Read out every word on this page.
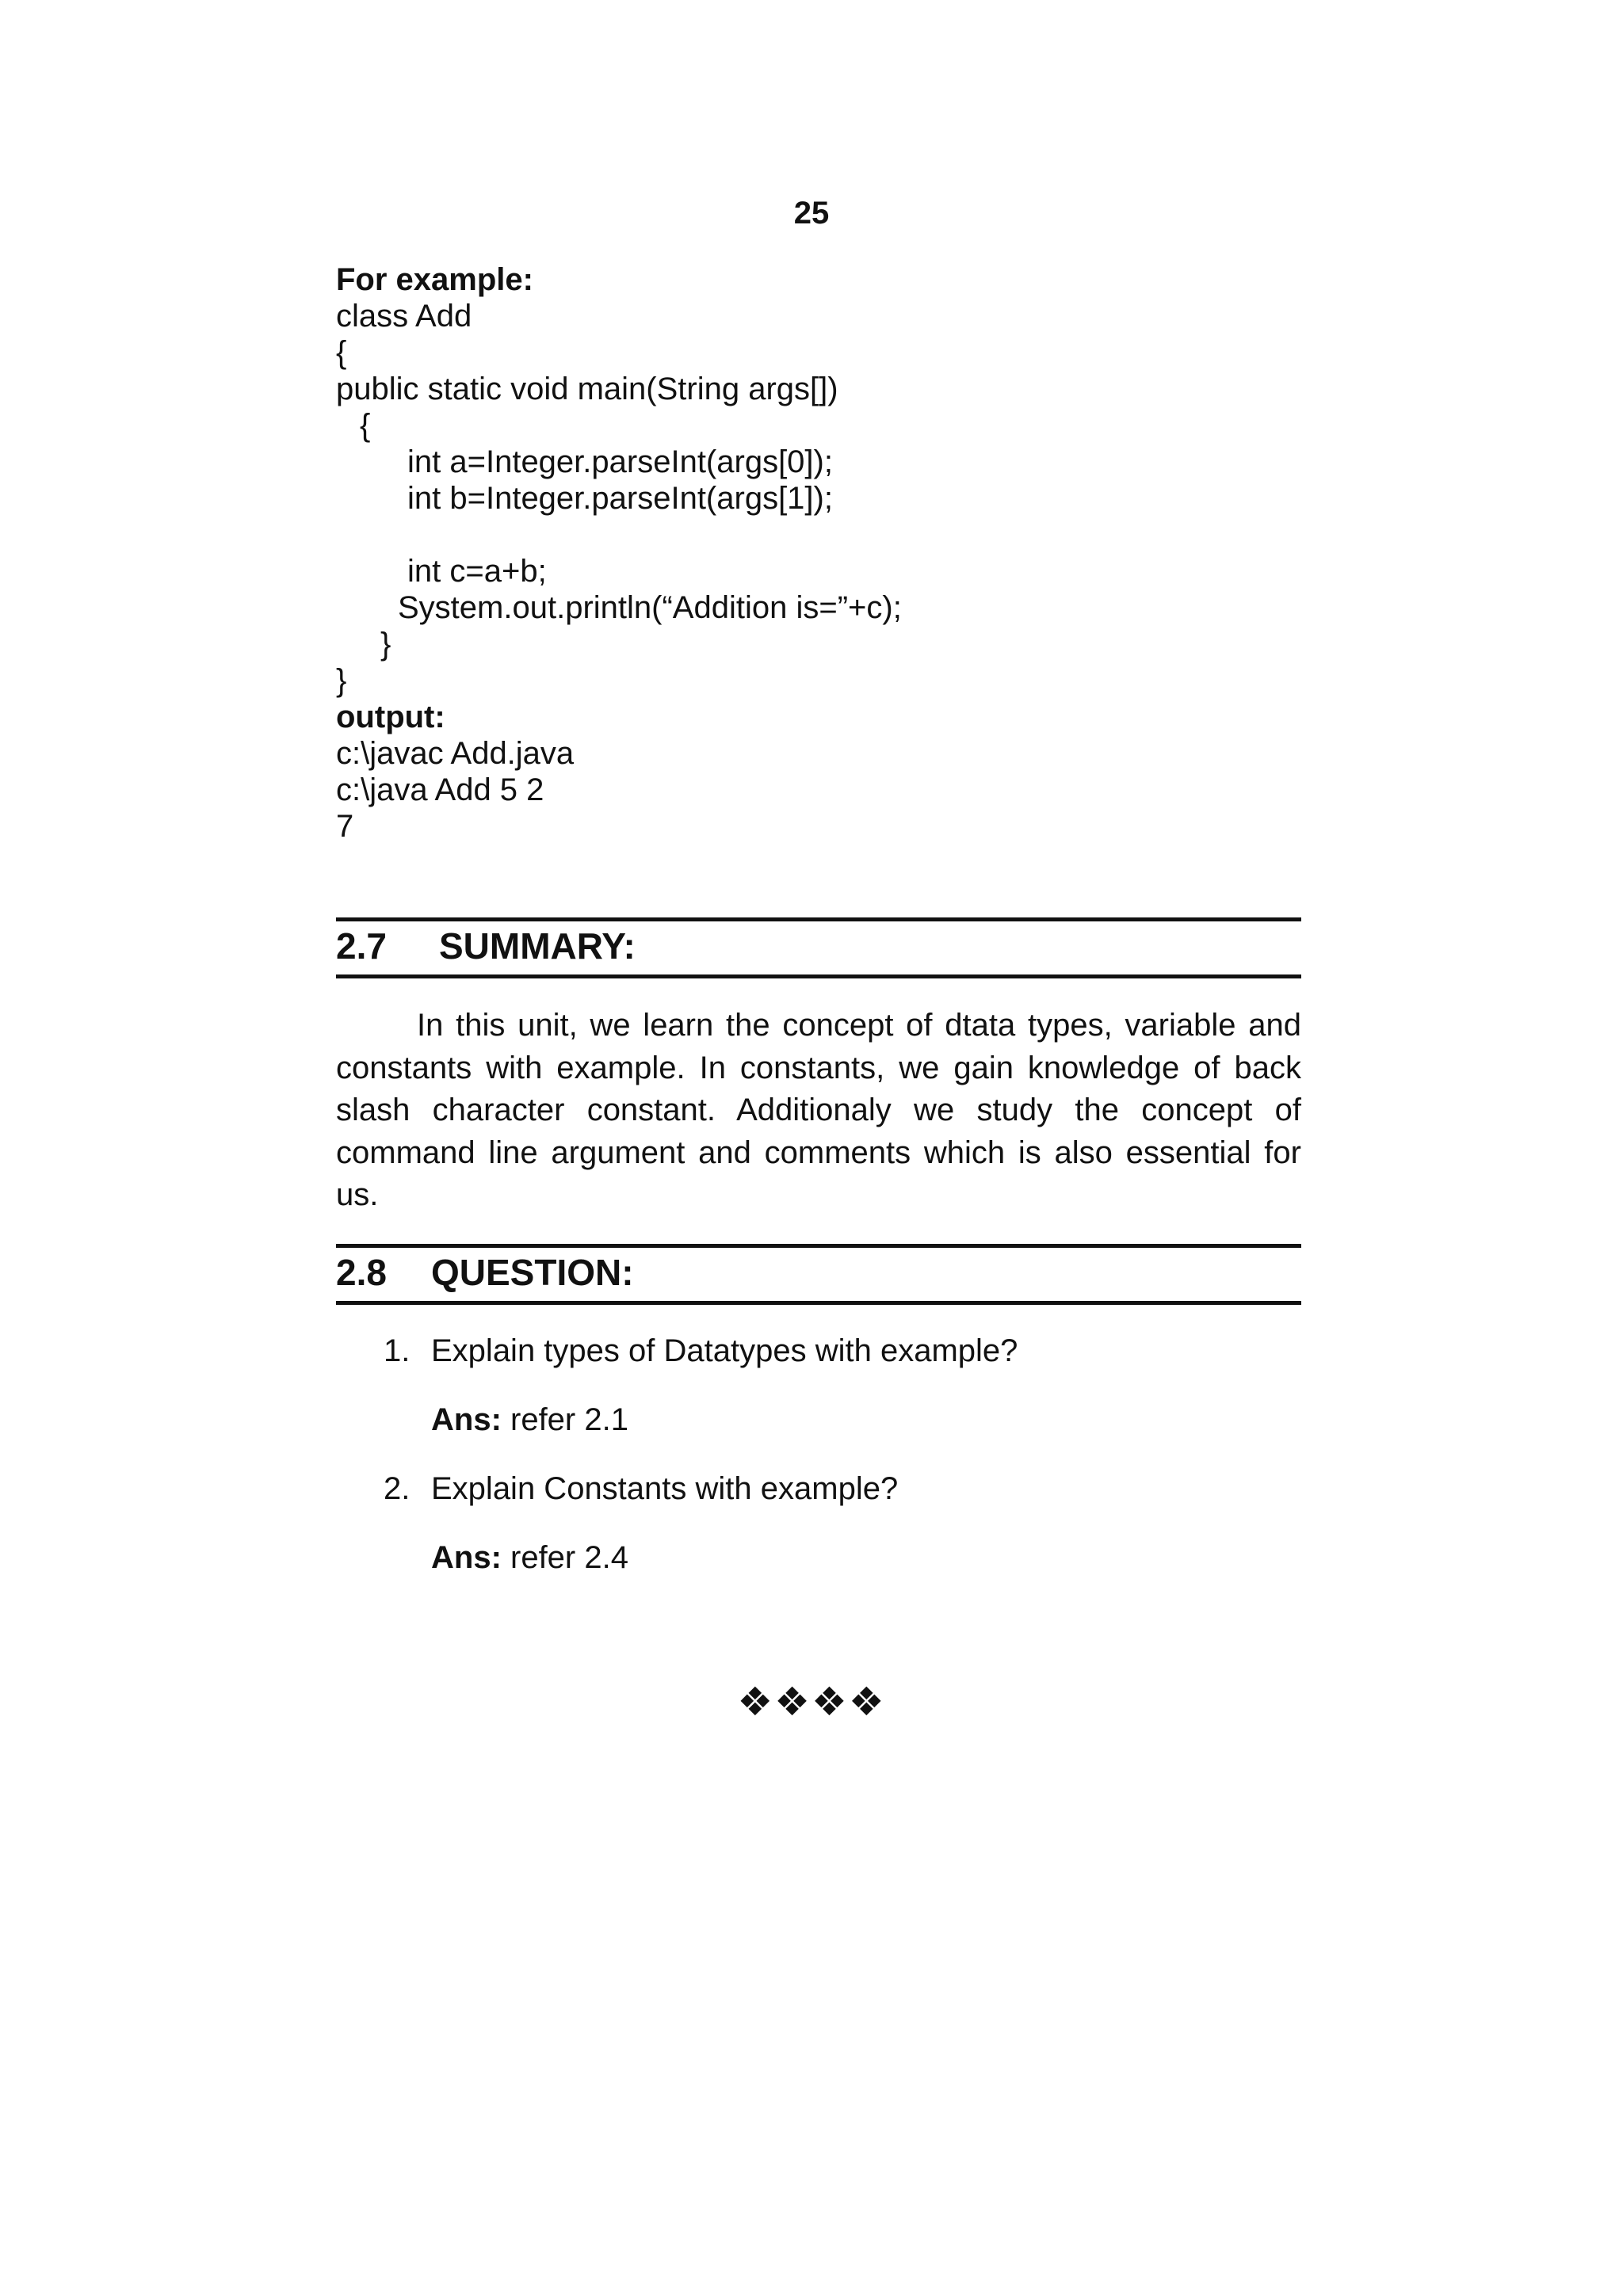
25
For example:
class Add
{
public static void main(String args[])
{
int a=Integer.parseInt(args[0]);
int b=Integer.parseInt(args[1]);
int c=a+b;
System.out.println(“Addition is=”+c);
}
}
output:
c:\javac Add.java
c:\java Add 5 2
7
2.7 SUMMARY:
In this unit, we learn the concept of dtata types, variable and constants with example. In constants, we gain knowledge of back slash character constant. Additionaly we study the concept of command line argument and comments which is also essential for us.
2.8 QUESTION:
1. Explain types of Datatypes with example?
Ans: refer 2.1
2. Explain Constants with example?
Ans: refer 2.4
❖❖❖❖
